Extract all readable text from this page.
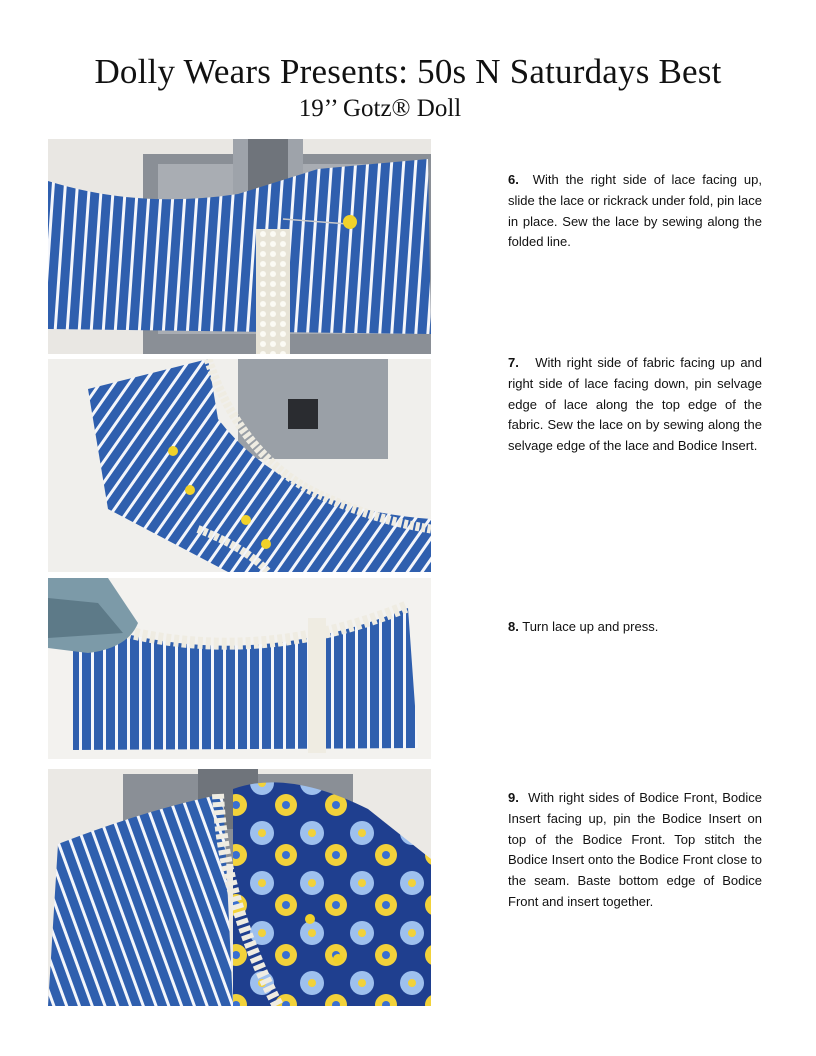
Dolly Wears Presents: 50s N Saturdays Best
19’’ Gotz® Doll

6. With the right side of lace facing up, slide the lace or rickrack under fold, pin lace in place. Sew the lace by sewing along the folded line.

7. With right side of fabric facing up and right side of lace facing down, pin selvage edge of lace along the top edge of the fabric. Sew the lace on by sewing along the selvage edge of the lace and Bodice Insert.

8. Turn lace up and press.

9. With right sides of Bodice Front, Bodice Insert facing up, pin the Bodice Insert on top of the Bodice Front. Top stitch the Bodice Insert onto the Bodice Front close to the seam. Baste bottom edge of Bodice Front and insert together.
